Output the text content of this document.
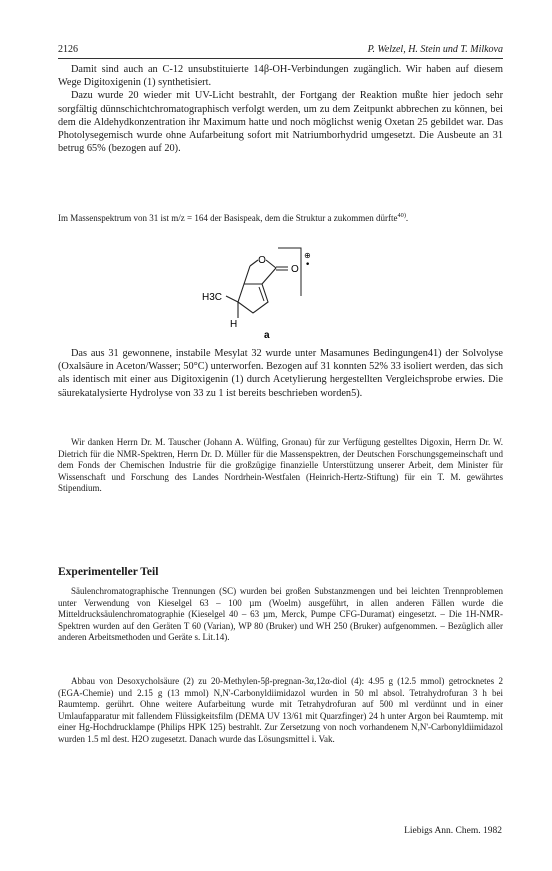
2126	P. Welzel, H. Stein und T. Milkova

Damit sind auch an C-12 unsubstituierte 14β-OH-Verbindungen zugänglich. Wir haben auf diesem Wege Digitoxigenin (1) synthetisiert.

Dazu wurde 20 wieder mit UV-Licht bestrahlt, der Fortgang der Reaktion mußte hier jedoch sehr sorgfältig dünnschichtchromatographisch verfolgt werden, um zu dem Zeitpunkt abbrechen zu können, bei dem die Aldehydkonzentration ihr Maximum hatte und noch möglichst wenig Oxetan 25 gebildet war. Das Photolysegemisch wurde ohne Aufarbeitung sofort mit Natriumborhydrid umgesetzt. Die Ausbeute an 31 betrug 65% (bezogen auf 20).

Im Massenspektrum von 31 ist m/z = 164 der Basispeak, dem die Struktur a zukommen dürfte$^{40)}$.

O
O
⊕
•
H3C
H
a

Das aus 31 gewonnene, instabile Mesylat 32 wurde unter Masamunes Bedingungen41) der Solvolyse (Oxalsäure in Aceton/Wasser; 50°C) unterworfen. Bezogen auf 31 konnten 52% 33 isoliert werden, das sich als identisch mit einer aus Digitoxigenin (1) durch Acetylierung hergestellten Vergleichsprobe erwies. Die säurekatalysierte Hydrolyse von 33 zu 1 ist bereits beschrieben worden5).

Wir danken Herrn Dr. M. Tauscher (Johann A. Wülfing, Gronau) für zur Verfügung gestelltes Digoxin, Herrn Dr. W. Dietrich für die NMR-Spektren, Herrn Dr. D. Müller für die Massenspektren, der Deutschen Forschungsgemeinschaft und dem Fonds der Chemischen Industrie für die großzügige finanzielle Unterstützung unserer Arbeit, dem Minister für Wissenschaft und Forschung des Landes Nordrhein-Westfalen (Heinrich-Hertz-Stiftung) für ein T. M. gewährtes Stipendium.

Experimenteller Teil

Säulenchromatographische Trennungen (SC) wurden bei großen Substanzmengen und bei leichten Trennproblemen unter Verwendung von Kieselgel 63 – 100 µm (Woelm) ausgeführt, in allen anderen Fällen wurde die Mitteldrucksäulenchromatographie (Kieselgel 40 – 63 µm, Merck, Pumpe CFG-Duramat) eingesetzt. – Die 1H-NMR-Spektren wurden auf den Geräten T 60 (Varian), WP 80 (Bruker) und WH 250 (Bruker) aufgenommen. – Bezüglich aller anderen Arbeitsmethoden und Geräte s. Lit.14).

Abbau von Desoxycholsäure (2) zu 20-Methylen-5β-pregnan-3α,12α-diol (4): 4.95 g (12.5 mmol) getrocknetes 2 (EGA-Chemie) und 2.15 g (13 mmol) N,N'-Carbonyldiimidazol wurden in 50 ml absol. Tetrahydrofuran 3 h bei Raumtemp. gerührt. Ohne weitere Aufarbeitung wurde mit Tetrahydrofuran auf 500 ml verdünnt und in einer Umlaufapparatur mit fallendem Flüssigkeitsfilm (DEMA UV 13/61 mit Quarzfinger) 24 h unter Argon bei Raumtemp. mit einer Hg-Hochdrucklampe (Philips HPK 125) bestrahlt. Zur Zersetzung von noch vorhandenem N,N'-Carbonyldiimidazol wurden 1.5 ml dest. H2O zugesetzt. Danach wurde das Lösungsmittel i. Vak.

Liebigs Ann. Chem. 1982
